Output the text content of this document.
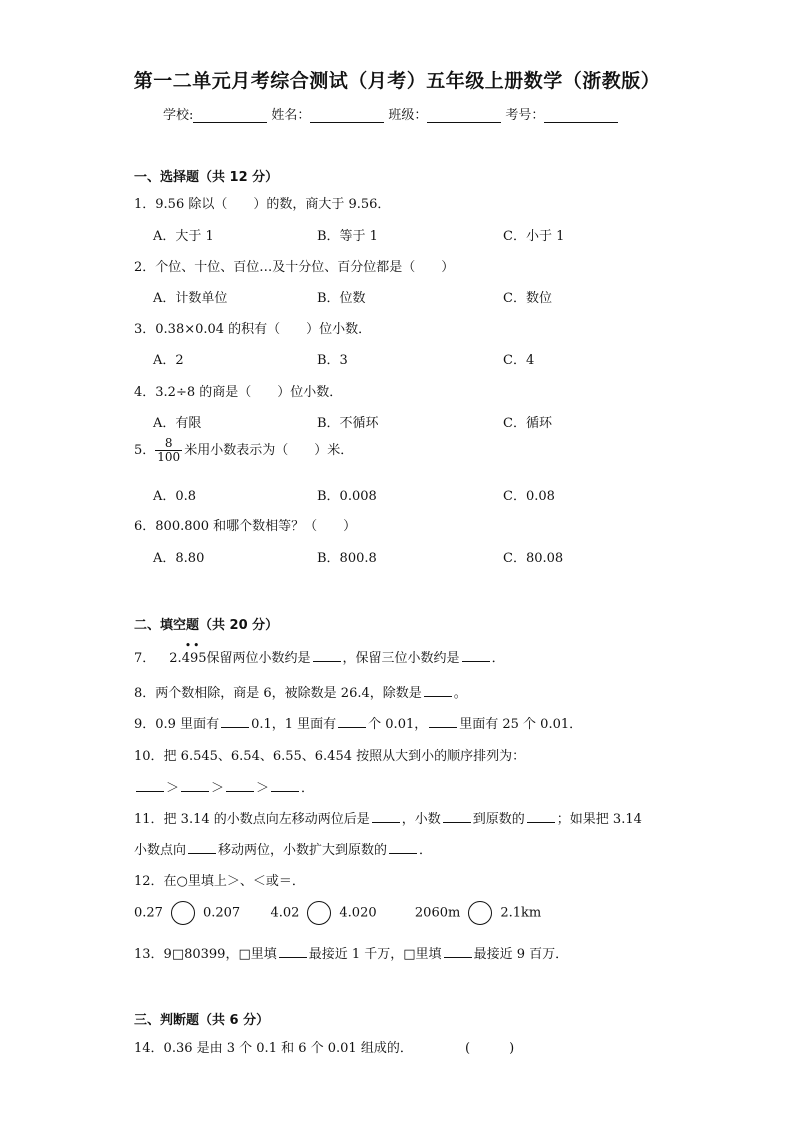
第一二单元月考综合测试（月考）五年级上册数学（浙教版）
学校:	姓名：	班级：	考号：
一、选择题（共 12 分）
1．9.56 除以（　　）的数，商大于 9.56．
A．大于 1	B．等于 1	C．小于 1
2．个位、十位、百位…及十分位、百分位都是（　　）
A．计数单位	B．位数	C．数位
3．0.38×0.04 的积有（　　）位小数．
A．2	B．3	C．4
4．3.2÷8 的商是（　　）位小数．
A．有限	B．不循环	C．循环
5． $\frac{8}{100}$ 米用小数表示为（　　）米．
A．0.8	B．0.008	C．0.08
6．800.800 和哪个数相等？（　　）
A．8.80	B．800.8	C．80.08
二、填空题（共 20 分）
7． 2.
•
4
•
95保留两位小数约是 ，保留三位小数约是 ．
8．两个数相除，商是 6，被除数是 26.4，除数是 。
9．0.9 里面有 0.1，1 里面有 个 0.01， 里面有 25 个 0.01．
10．把 6.545、6.54、6.55、6.454 按照从大到小的顺序排列为：
＞ ＞ ＞ ．
11．把 3.14 的小数点向左移动两位后是 ，小数 到原数的 ；如果把 3.14
小数点向 移动两位，小数扩大到原数的 ．
12．在○里填上＞、＜或＝．
0.27	0.207 4.02	4.020	2060m	2.1km
13．9□80399，□里填 最接近 1 千万，□里填 最接近 9 百万．
三、判断题（共 6 分）
14．0.36 是由 3 个 0.1 和 6 个 0.01 组成的．	(　　　)
